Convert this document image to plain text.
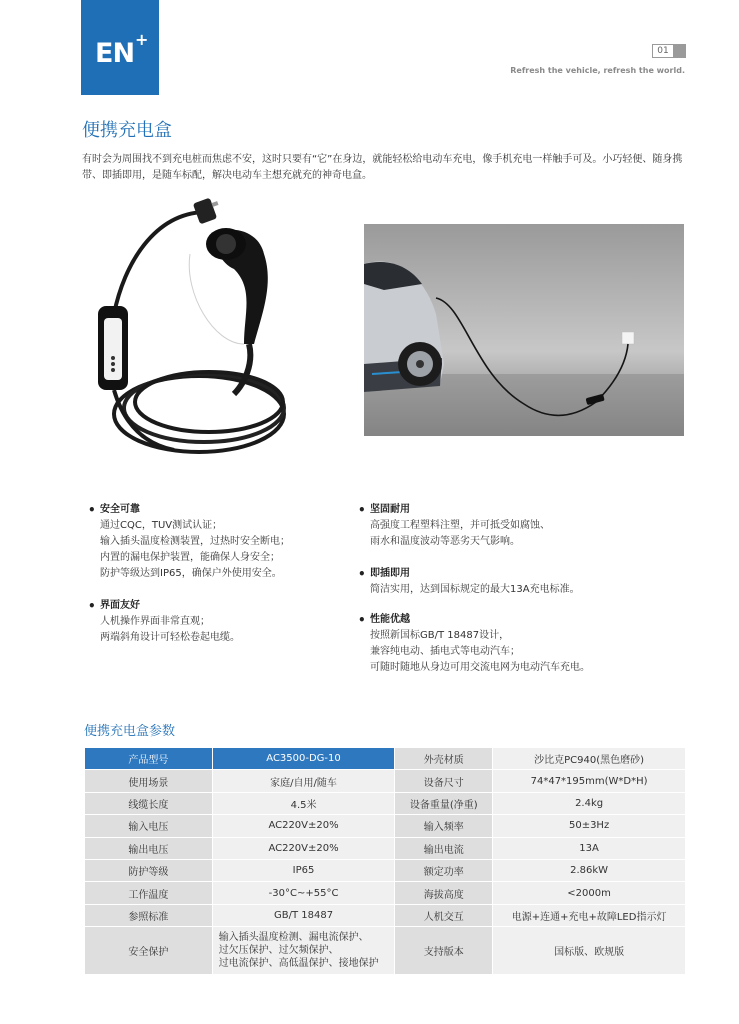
EN +
01
Refresh the vehicle, refresh the world.
便携充电盒
有时会为周围找不到充电桩而焦虑不安，这时只要有“它”在身边，就能轻松给电动车充电，像手机充电一样触手可及。小巧轻便、随身携带、即插即用，是随车标配，解决电动车主想充就充的神奇电盒。
• 安全可靠
通过CQC，TUV测试认证；
输入插头温度检测装置，过热时安全断电；
内置的漏电保护装置，能确保人身安全；
防护等级达到IP65，确保户外使用安全。
• 界面友好
人机操作界面非常直观；
两端斜角设计可轻松卷起电缆。
• 坚固耐用
高强度工程塑料注塑，并可抵受如腐蚀、
雨水和温度波动等恶劣天气影响。
• 即插即用
简洁实用，达到国标规定的最大13A充电标准。
• 性能优越
按照新国标GB/T 18487设计，
兼容纯电动、插电式等电动汽车；
可随时随地从身边可用交流电网为电动汽车充电。
便携充电盒参数
产品型号	AC3500-DG-10	外壳材质	沙比克PC940(黑色磨砂)
使用场景	家庭/自用/随车	设备尺寸	74*47*195mm(W*D*H)
线缆长度	4.5米	设备重量(净重)	2.4kg
输入电压	AC220V±20%	输入频率	50±3Hz
输出电压	AC220V±20%	输出电流	13A
防护等级	IP65	额定功率	2.86kW
工作温度	-30°C~+55°C	海拔高度	<2000m
参照标准	GB/T 18487	人机交互	电源+连通+充电+故障LED指示灯
安全保护	输入插头温度检测、漏电流保护、
过欠压保护、过欠频保护、
过电流保护、高低温保护、接地保护	支持版本	国标版、欧规版
